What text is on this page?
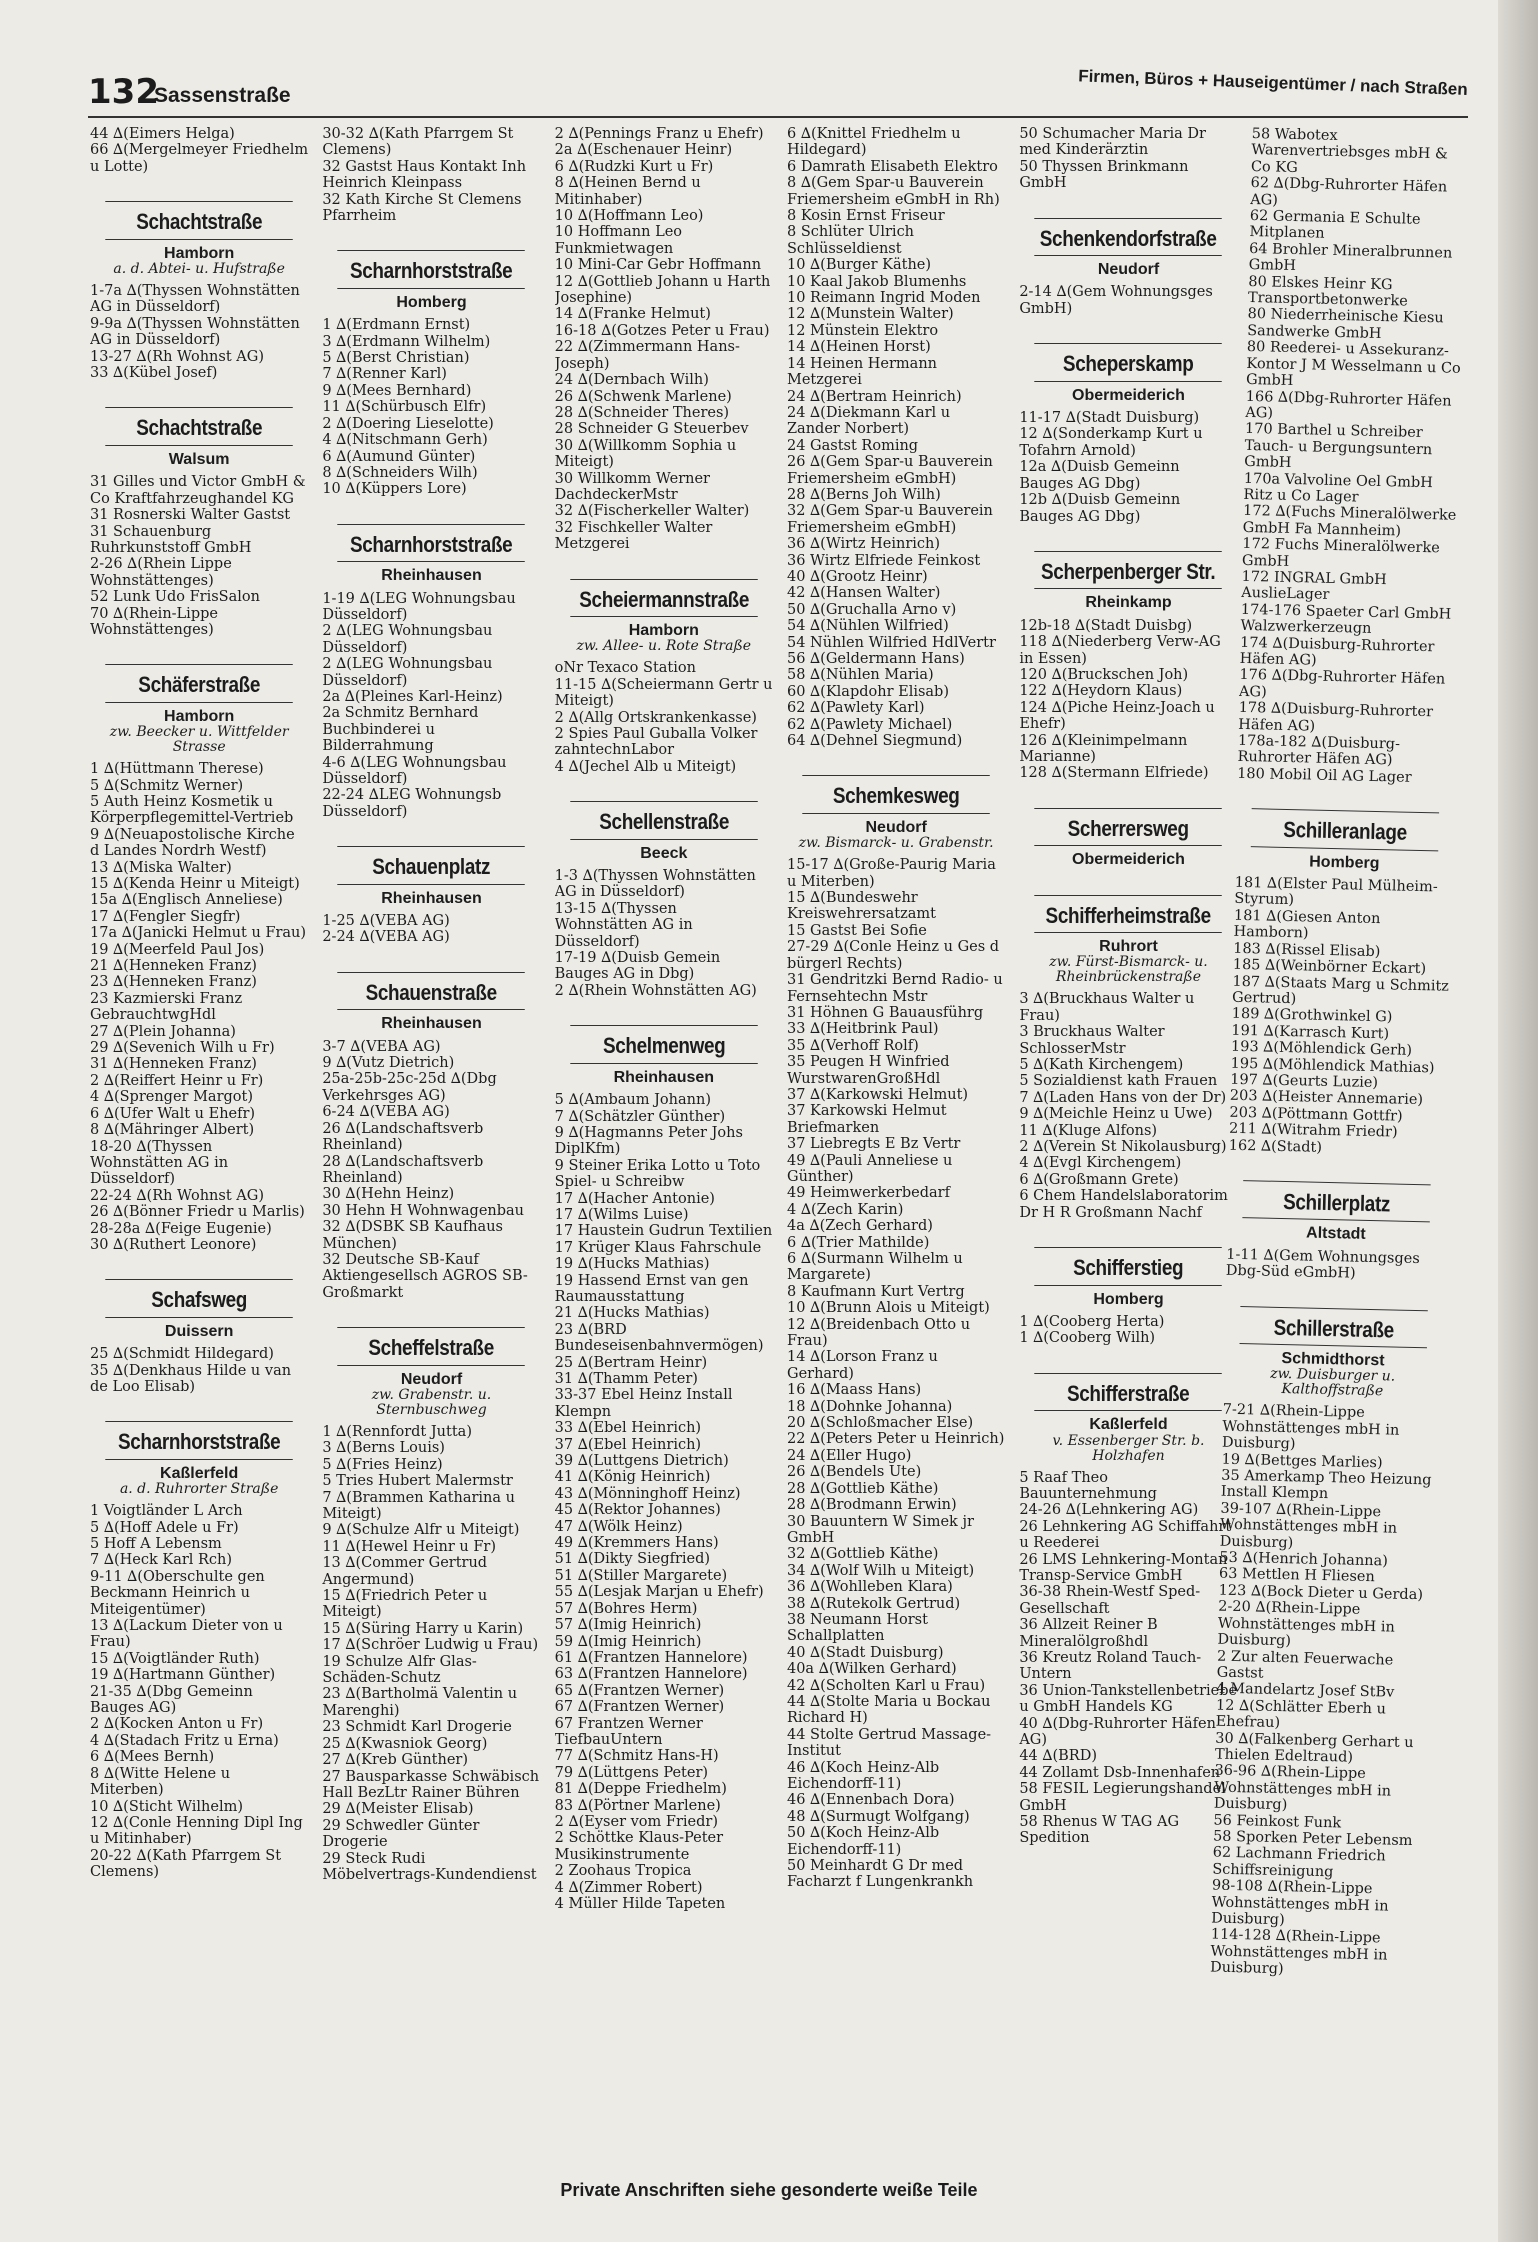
132
Sassenstraße	Firmen, Büros + Hauseigentümer / nach Straßen
44 ∆(Eimers Helga)
66 ∆(Mergelmeyer Friedhelm u Lotte)
Schachtstraße
Hamborn
a. d. Abtei- u. Hufstraße
1-7a ∆(Thyssen Wohnstätten AG in Düsseldorf)
9-9a ∆(Thyssen Wohnstätten AG in Düsseldorf)
13-27 ∆(Rh Wohnst AG)
33 ∆(Kübel Josef)
Schachtstraße
Walsum
31 Gilles und Victor GmbH & Co Kraftfahrzeughandel KG
31 Rosnerski Walter Gastst
31 Schauenburg Ruhrkunststoff GmbH
2-26 ∆(Rhein Lippe Wohnstättenges)
52 Lunk Udo FrisSalon
70 ∆(Rhein-Lippe Wohnstättenges)
Schäferstraße
Hamborn
zw. Beecker u. Wittfelder Strasse
1 ∆(Hüttmann Therese)
5 ∆(Schmitz Werner)
5 Auth Heinz Kosmetik u Körperpflegemittel-Vertrieb
9 ∆(Neuapostolische Kirche d Landes Nordrh Westf)
13 ∆(Miska Walter)
15 ∆(Kenda Heinr u Miteigt)
15a ∆(Englisch Anneliese)
17 ∆(Fengler Siegfr)
17a ∆(Janicki Helmut u Frau)
19 ∆(Meerfeld Paul Jos)
21 ∆(Henneken Franz)
23 ∆(Henneken Franz)
23 Kazmierski Franz GebrauchtwgHdl
27 ∆(Plein Johanna)
29 ∆(Sevenich Wilh u Fr)
31 ∆(Henneken Franz)
2 ∆(Reiffert Heinr u Fr)
4 ∆(Sprenger Margot)
6 ∆(Ufer Walt u Ehefr)
8 ∆(Mähringer Albert)
18-20 ∆(Thyssen Wohnstätten AG in Düsseldorf)
22-24 ∆(Rh Wohnst AG)
26 ∆(Bönner Friedr u Marlis)
28-28a ∆(Feige Eugenie)
30 ∆(Ruthert Leonore)
Schafsweg
Duissern
25 ∆(Schmidt Hildegard)
35 ∆(Denkhaus Hilde u van de Loo Elisab)
Scharnhorststraße
Kaßlerfeld
a. d. Ruhrorter Straße
1 Voigtländer L Arch
5 ∆(Hoff Adele u Fr)
5 Hoff A Lebensm
7 ∆(Heck Karl Rch)
9-11 ∆(Oberschulte gen Beckmann Heinrich u Miteigentümer)
13 ∆(Lackum Dieter von u Frau)
15 ∆(Voigtländer Ruth)
19 ∆(Hartmann Günther)
21-35 ∆(Dbg Gemeinn Bauges AG)
2 ∆(Kocken Anton u Fr)
4 ∆(Stadach Fritz u Erna)
6 ∆(Mees Bernh)
8 ∆(Witte Helene u Miterben)
10 ∆(Sticht Wilhelm)
12 ∆(Conle Henning Dipl Ing u Mitinhaber)
20-22 ∆(Kath Pfarrgem St Clemens)
30-32 ∆(Kath Pfarrgem St Clemens)
32 Gastst Haus Kontakt Inh Heinrich Kleinpass
32 Kath Kirche St Clemens Pfarrheim
Scharnhorststraße
Homberg
1 ∆(Erdmann Ernst)
3 ∆(Erdmann Wilhelm)
5 ∆(Berst Christian)
7 ∆(Renner Karl)
9 ∆(Mees Bernhard)
11 ∆(Schürbusch Elfr)
2 ∆(Doering Lieselotte)
4 ∆(Nitschmann Gerh)
6 ∆(Aumund Günter)
8 ∆(Schneiders Wilh)
10 ∆(Küppers Lore)
Scharnhorststraße
Rheinhausen
1-19 ∆(LEG Wohnungsbau Düsseldorf)
2 ∆(LEG Wohnungsbau Düsseldorf)
2 ∆(LEG Wohnungsbau Düsseldorf)
2a ∆(Pleines Karl-Heinz)
2a Schmitz Bernhard Buchbinderei u Bilderrahmung
4-6 ∆(LEG Wohnungsbau Düsseldorf)
22-24 ∆LEG Wohnungsb Düsseldorf)
Schauenplatz
Rheinhausen
1-25 ∆(VEBA AG)
2-24 ∆(VEBA AG)
Schauenstraße
Rheinhausen
3-7 ∆(VEBA AG)
9 ∆(Vutz Dietrich)
25a-25b-25c-25d ∆(Dbg Verkehrsges AG)
6-24 ∆(VEBA AG)
26 ∆(Landschaftsverb Rheinland)
28 ∆(Landschaftsverb Rheinland)
30 ∆(Hehn Heinz)
30 Hehn H Wohnwagenbau
32 ∆(DSBK SB Kaufhaus München)
32 Deutsche SB-Kauf Aktiengesellsch AGROS SB-Großmarkt
Scheffelstraße
Neudorf
zw. Grabenstr. u. Sternbuschweg
1 ∆(Rennfordt Jutta)
3 ∆(Berns Louis)
5 ∆(Fries Heinz)
5 Tries Hubert Malermstr
7 ∆(Brammen Katharina u Miteigt)
9 ∆(Schulze Alfr u Miteigt)
11 ∆(Hewel Heinr u Fr)
13 ∆(Commer Gertrud Angermund)
15 ∆(Friedrich Peter u Miteigt)
15 ∆(Süring Harry u Karin)
17 ∆(Schröer Ludwig u Frau)
19 Schulze Alfr Glas-Schäden-Schutz
23 ∆(Bartholmä Valentin u Marenghi)
23 Schmidt Karl Drogerie
25 ∆(Kwasniok Georg)
27 ∆(Kreb Günther)
27 Bausparkasse Schwäbisch Hall BezLtr Rainer Bühren
29 ∆(Meister Elisab)
29 Schwedler Günter Drogerie
29 Steck Rudi Möbelvertrags-Kundendienst
2 ∆(Pennings Franz u Ehefr)
2a ∆(Eschenauer Heinr)
6 ∆(Rudzki Kurt u Fr)
8 ∆(Heinen Bernd u Mitinhaber)
10 ∆(Hoffmann Leo)
10 Hoffmann Leo Funkmietwagen
10 Mini-Car Gebr Hoffmann
12 ∆(Gottlieb Johann u Harth Josephine)
14 ∆(Franke Helmut)
16-18 ∆(Gotzes Peter u Frau)
22 ∆(Zimmermann Hans-Joseph)
24 ∆(Dernbach Wilh)
26 ∆(Schwenk Marlene)
28 ∆(Schneider Theres)
28 Schneider G Steuerbev
30 ∆(Willkomm Sophia u Miteigt)
30 Willkomm Werner DachdeckerMstr
32 ∆(Fischerkeller Walter)
32 Fischkeller Walter Metzgerei
Scheiermannstraße
Hamborn
zw. Allee- u. Rote Straße
oNr Texaco Station
11-15 ∆(Scheiermann Gertr u Miteigt)
2 ∆(Allg Ortskrankenkasse)
2 Spies Paul Guballa Volker zahntechnLabor
4 ∆(Jechel Alb u Miteigt)
Schellenstraße
Beeck
1-3 ∆(Thyssen Wohnstätten AG in Düsseldorf)
13-15 ∆(Thyssen Wohnstätten AG in Düsseldorf)
17-19 ∆(Duisb Gemein Bauges AG in Dbg)
2 ∆(Rhein Wohnstätten AG)
Schelmenweg
Rheinhausen
5 ∆(Ambaum Johann)
7 ∆(Schätzler Günther)
9 ∆(Hagmanns Peter Johs DiplKfm)
9 Steiner Erika Lotto u Toto Spiel- u Schreibw
17 ∆(Hacher Antonie)
17 ∆(Wilms Luise)
17 Haustein Gudrun Textilien
17 Krüger Klaus Fahrschule
19 ∆(Hucks Mathias)
19 Hassend Ernst van gen Raumausstattung
21 ∆(Hucks Mathias)
23 ∆(BRD Bundeseisenbahnvermögen)
25 ∆(Bertram Heinr)
31 ∆(Thamm Peter)
33-37 Ebel Heinz Install Klempn
33 ∆(Ebel Heinrich)
37 ∆(Ebel Heinrich)
39 ∆(Luttgens Dietrich)
41 ∆(König Heinrich)
43 ∆(Mönninghoff Heinz)
45 ∆(Rektor Johannes)
47 ∆(Wölk Heinz)
49 ∆(Kremmers Hans)
51 ∆(Dikty Siegfried)
51 ∆(Stiller Margarete)
55 ∆(Lesjak Marjan u Ehefr)
57 ∆(Bohres Herm)
57 ∆(Imig Heinrich)
59 ∆(Imig Heinrich)
61 ∆(Frantzen Hannelore)
63 ∆(Frantzen Hannelore)
65 ∆(Frantzen Werner)
67 ∆(Frantzen Werner)
67 Frantzen Werner TiefbauUntern
77 ∆(Schmitz Hans-H)
79 ∆(Lüttgens Peter)
81 ∆(Deppe Friedhelm)
83 ∆(Pörtner Marlene)
2 ∆(Eyser vom Friedr)
2 Schöttke Klaus-Peter Musikinstrumente
2 Zoohaus Tropica
4 ∆(Zimmer Robert)
4 Müller Hilde Tapeten
6 ∆(Knittel Friedhelm u Hildegard)
6 Damrath Elisabeth Elektro
8 ∆(Gem Spar-u Bauverein Friemersheim eGmbH in Rh)
8 Kosin Ernst Friseur
8 Schlüter Ulrich Schlüsseldienst
10 ∆(Burger Käthe)
10 Kaal Jakob Blumenhs
10 Reimann Ingrid Moden
12 ∆(Munstein Walter)
12 Münstein Elektro
14 ∆(Heinen Horst)
14 Heinen Hermann Metzgerei
24 ∆(Bertram Heinrich)
24 ∆(Diekmann Karl u Zander Norbert)
24 Gastst Roming
26 ∆(Gem Spar-u Bauverein Friemersheim eGmbH)
28 ∆(Berns Joh Wilh)
32 ∆(Gem Spar-u Bauverein Friemersheim eGmbH)
36 ∆(Wirtz Heinrich)
36 Wirtz Elfriede Feinkost
40 ∆(Grootz Heinr)
42 ∆(Hansen Walter)
50 ∆(Gruchalla Arno v)
54 ∆(Nühlen Wilfried)
54 Nühlen Wilfried HdlVertr
56 ∆(Geldermann Hans)
58 ∆(Nühlen Maria)
60 ∆(Klapdohr Elisab)
62 ∆(Pawlety Karl)
62 ∆(Pawlety Michael)
64 ∆(Dehnel Siegmund)
Schemkesweg
Neudorf
zw. Bismarck- u. Grabenstr.
15-17 ∆(Große-Paurig Maria u Miterben)
15 ∆(Bundeswehr Kreiswehrersatzamt
15 Gastst Bei Sofie
27-29 ∆(Conle Heinz u Ges d bürgerl Rechts)
31 Gendritzki Bernd Radio- u Fernsehtechn Mstr
31 Höhnen G Bauausführg
33 ∆(Heitbrink Paul)
35 ∆(Verhoff Rolf)
35 Peugen H Winfried WurstwarenGroßHdl
37 ∆(Karkowski Helmut)
37 Karkowski Helmut Briefmarken
37 Liebregts E Bz Vertr
49 ∆(Pauli Anneliese u Günther)
49 Heimwerkerbedarf
4 ∆(Zech Karin)
4a ∆(Zech Gerhard)
6 ∆(Trier Mathilde)
6 ∆(Surmann Wilhelm u Margarete)
8 Kaufmann Kurt Vertrg
10 ∆(Brunn Alois u Miteigt)
12 ∆(Breidenbach Otto u Frau)
14 ∆(Lorson Franz u Gerhard)
16 ∆(Maass Hans)
18 ∆(Dohnke Johanna)
20 ∆(Schloßmacher Else)
22 ∆(Peters Peter u Heinrich)
24 ∆(Eller Hugo)
26 ∆(Bendels Ute)
28 ∆(Gottlieb Käthe)
28 ∆(Brodmann Erwin)
30 Bauuntern W Simek jr GmbH
32 ∆(Gottlieb Käthe)
34 ∆(Wolf Wilh u Miteigt)
36 ∆(Wohlleben Klara)
38 ∆(Rutekolk Gertrud)
38 Neumann Horst Schallplatten
40 ∆(Stadt Duisburg)
40a ∆(Wilken Gerhard)
42 ∆(Scholten Karl u Frau)
44 ∆(Stolte Maria u Bockau Richard H)
44 Stolte Gertrud Massage-Institut
46 ∆(Koch Heinz-Alb Eichendorff-11)
46 ∆(Ennenbach Dora)
48 ∆(Surmugt Wolfgang)
50 ∆(Koch Heinz-Alb Eichendorff-11)
50 Meinhardt G Dr med Facharzt f Lungenkrankh
50 Schumacher Maria Dr med Kinderärztin
50 Thyssen Brinkmann GmbH
Schenkendorfstraße
Neudorf
2-14 ∆(Gem Wohnungsges GmbH)
Scheperskamp
Obermeiderich
11-17 ∆(Stadt Duisburg)
12 ∆(Sonderkamp Kurt u Tofahrn Arnold)
12a ∆(Duisb Gemeinn Bauges AG Dbg)
12b ∆(Duisb Gemeinn Bauges AG Dbg)
Scherpenberger Str.
Rheinkamp
12b-18 ∆(Stadt Duisbg)
118 ∆(Niederberg Verw-AG in Essen)
120 ∆(Bruckschen Joh)
122 ∆(Heydorn Klaus)
124 ∆(Piche Heinz-Joach u Ehefr)
126 ∆(Kleinimpelmann Marianne)
128 ∆(Stermann Elfriede)
Scherrersweg
Obermeiderich
Schifferheimstraße
Ruhrort
zw. Fürst-Bismarck- u. Rheinbrückenstraße
3 ∆(Bruckhaus Walter u Frau)
3 Bruckhaus Walter SchlosserMstr
5 ∆(Kath Kirchengem)
5 Sozialdienst kath Frauen
7 ∆(Laden Hans von der Dr)
9 ∆(Meichle Heinz u Uwe)
11 ∆(Kluge Alfons)
2 ∆(Verein St Nikolausburg)
4 ∆(Evgl Kirchengem)
6 ∆(Großmann Grete)
6 Chem Handelslaboratorim Dr H R Großmann Nachf
Schifferstieg
Homberg
1 ∆(Cooberg Herta)
1 ∆(Cooberg Wilh)
Schifferstraße
Kaßlerfeld
v. Essenberger Str. b. Holzhafen
5 Raaf Theo Bauunternehmung
24-26 ∆(Lehnkering AG)
26 Lehnkering AG Schiffahrt u Reederei
26 LMS Lehnkering-Montan Transp-Service GmbH
36-38 Rhein-Westf Sped-Gesellschaft
36 Allzeit Reiner B Mineralölgroßhdl
36 Kreutz Roland Tauch-Untern
36 Union-Tankstellenbetriebe u GmbH Handels KG
40 ∆(Dbg-Ruhrorter Häfen AG)
44 ∆(BRD)
44 Zollamt Dsb-Innenhafen
58 FESIL Legierungshandel GmbH
58 Rhenus W TAG AG Spedition
58 Wabotex Warenvertriebsges mbH & Co KG
62 ∆(Dbg-Ruhrorter Häfen AG)
62 Germania E Schulte Mitplanen
64 Brohler Mineralbrunnen GmbH
80 Elskes Heinr KG Transportbetonwerke
80 Niederrheinische Kiesu Sandwerke GmbH
80 Reederei- u Assekuranz-Kontor J M Wesselmann u Co GmbH
166 ∆(Dbg-Ruhrorter Häfen AG)
170 Barthel u Schreiber Tauch- u Bergungsuntern GmbH
170a Valvoline Oel GmbH Ritz u Co Lager
172 ∆(Fuchs Mineralölwerke GmbH Fa Mannheim)
172 Fuchs Mineralölwerke GmbH
172 INGRAL GmbH AuslieLager
174-176 Spaeter Carl GmbH Walzwerkerzeugn
174 ∆(Duisburg-Ruhrorter Häfen AG)
176 ∆(Dbg-Ruhrorter Häfen AG)
178 ∆(Duisburg-Ruhrorter Häfen AG)
178a-182 ∆(Duisburg-Ruhrorter Häfen AG)
180 Mobil Oil AG Lager
Schilleranlage
Homberg
181 ∆(Elster Paul Mülheim-Styrum)
181 ∆(Giesen Anton Hamborn)
183 ∆(Rissel Elisab)
185 ∆(Weinbörner Eckart)
187 ∆(Staats Marg u Schmitz Gertrud)
189 ∆(Grothwinkel G)
191 ∆(Karrasch Kurt)
193 ∆(Möhlendick Gerh)
195 ∆(Möhlendick Mathias)
197 ∆(Geurts Luzie)
203 ∆(Heister Annemarie)
203 ∆(Pöttmann Gottfr)
211 ∆(Witrahm Friedr)
162 ∆(Stadt)
Schillerplatz
Altstadt
1-11 ∆(Gem Wohnungsges Dbg-Süd eGmbH)
Schillerstraße
Schmidthorst
zw. Duisburger u. Kalthoffstraße
7-21 ∆(Rhein-Lippe Wohnstättenges mbH in Duisburg)
19 ∆(Bettges Marlies)
35 Amerkamp Theo Heizung Install Klempn
39-107 ∆(Rhein-Lippe Wohnstättenges mbH in Duisburg)
53 ∆(Henrich Johanna)
63 Mettlen H Fliesen
123 ∆(Bock Dieter u Gerda)
2-20 ∆(Rhein-Lippe Wohnstättenges mbH in Duisburg)
2 Zur alten Feuerwache Gastst
4 Mandelartz Josef StBv
12 ∆(Schlätter Eberh u Ehefrau)
30 ∆(Falkenberg Gerhart u Thielen Edeltraud)
36-96 ∆(Rhein-Lippe Wohnstättenges mbH in Duisburg)
56 Feinkost Funk
58 Sporken Peter Lebensm
62 Lachmann Friedrich Schiffsreinigung
98-108 ∆(Rhein-Lippe Wohnstättenges mbH in Duisburg)
114-128 ∆(Rhein-Lippe Wohnstättenges mbH in Duisburg)
Private Anschriften siehe gesonderte weiße Teile
